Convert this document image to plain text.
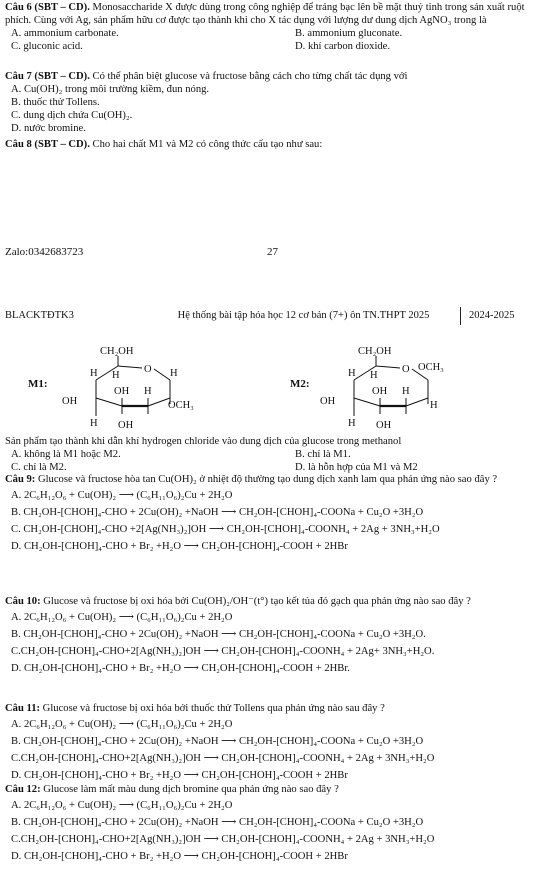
Câu 6 (SBT – CD). Monosaccharide X được dùng trong công nghiệp để tráng bạc lên bề mặt thuỷ tinh trong sản xuất ruột phích. Cùng với Ag, sản phẩm hữu cơ được tạo thành khi cho X tác dụng với lượng dư dung dịch AgNO₃ trong là

A. ammonium carbonate.	B. ammonium gluconate.
C. gluconic acid.	D. khí carbon dioxide.

Câu 7 (SBT – CD). Có thể phân biệt glucose và fructose bằng cách cho từng chất tác dụng với

A. Cu(OH)₂ trong môi trường kiềm, đun nóng.

B. thuốc thử Tollens.

C. dung dịch chứa Cu(OH)₂.

D. nước bromine.

Câu 8 (SBT – CD). Cho hai chất M1 và M2 có công thức cấu tạo như sau:

Zalo:0342683723	27
BLACKTĐTK3	Hệ thống bài tập hóa học 12 cơ bản (7+) ôn TN.THPT 2025	2024-2025
M1:
CH₂OH
H H
O H
OH H
OH	OCH₃
H OH
M2:
CH₂OH
H H
O OCH₃
OH H
OH	H
H OH

Sản phẩm tạo thành khi dẫn khí hydrogen chloride vào dung dịch của glucose trong methanol

A. không là M1 hoặc M2.	B. chỉ là M1.
C. chỉ là M2.	D. là hỗn hợp của M1 và M2

Câu 9: Glucose và fructose hòa tan Cu(OH)₂ ở nhiệt độ thường tạo dung dịch xanh lam qua phản ứng nào sao đây ?

A. 2C₆H₁₂O₆ + Cu(OH)₂ ⟶ (C₆H₁₁O₆)₂Cu + 2H₂O

B. CH₂OH-[CHOH]₄-CHO + 2Cu(OH)₂ +NaOH ⟶ CH₂OH-[CHOH]₄-COONa + Cu₂O +3H₂O

C. CH₂OH-[CHOH]₄-CHO +2[Ag(NH₃)₂]OH ⟶ CH₂OH-[CHOH]₄-COONH₄ + 2Ag + 3NH₃+H₂O

D. CH₂OH-[CHOH]₄-CHO + Br₂ +H₂O ⟶ CH₂OH-[CHOH]₄-COOH + 2HBr

Câu 10: Glucose và fructose bị oxi hóa bởi Cu(OH)₂/OH⁻(t°) tạo kết tủa đỏ gạch qua phản ứng nào sao đây ?

A. 2C₆H₁₂O₆ + Cu(OH)₂ ⟶ (C₆H₁₁O₆)₂Cu + 2H₂O

B. CH₂OH-[CHOH]₄-CHO + 2Cu(OH)₂ +NaOH ⟶ CH₂OH-[CHOH]₄-COONa + Cu₂O +3H₂O.

C.CH₂OH-[CHOH]₄-CHO+2[Ag(NH₃)₂]OH ⟶ CH₂OH-[CHOH]₄-COONH₄ + 2Ag+ 3NH₃+H₂O.

D. CH₂OH-[CHOH]₄-CHO + Br₂ +H₂O ⟶ CH₂OH-[CHOH]₄-COOH + 2HBr.

Câu 11: Glucose và fructose bị oxi hóa bởi thuốc thử Tollens qua phản ứng nào sau đây ?

A. 2C₆H₁₂O₆ + Cu(OH)₂ ⟶ (C₆H₁₁O₆)₂Cu + 2H₂O

B. CH₂OH-[CHOH]₄-CHO + 2Cu(OH)₂ +NaOH ⟶ CH₂OH-[CHOH]₄-COONa + Cu₂O +3H₂O

C.CH₂OH-[CHOH]₄-CHO+2[Ag(NH₃)₂]OH ⟶ CH₂OH-[CHOH]₄-COONH₄ + 2Ag + 3NH₃+H₂O

D. CH₂OH-[CHOH]₄-CHO + Br₂ +H₂O ⟶ CH₂OH-[CHOH]₄-COOH + 2HBr

Câu 12: Glucose làm mất màu dung dịch bromine qua phản ứng nào sao đây ?

A. 2C₆H₁₂O₆ + Cu(OH)₂ ⟶ (C₆H₁₁O₆)₂Cu + 2H₂O

B. CH₂OH-[CHOH]₄-CHO + 2Cu(OH)₂ +NaOH ⟶ CH₂OH-[CHOH]₄-COONa + Cu₂O +3H₂O

C.CH₂OH-[CHOH]₄-CHO+2[Ag(NH₃)₂]OH ⟶ CH₂OH-[CHOH]₄-COONH₄ + 2Ag + 3NH₃+H₂O

D. CH₂OH-[CHOH]₄-CHO + Br₂ +H₂O ⟶ CH₂OH-[CHOH]₄-COOH + 2HBr
